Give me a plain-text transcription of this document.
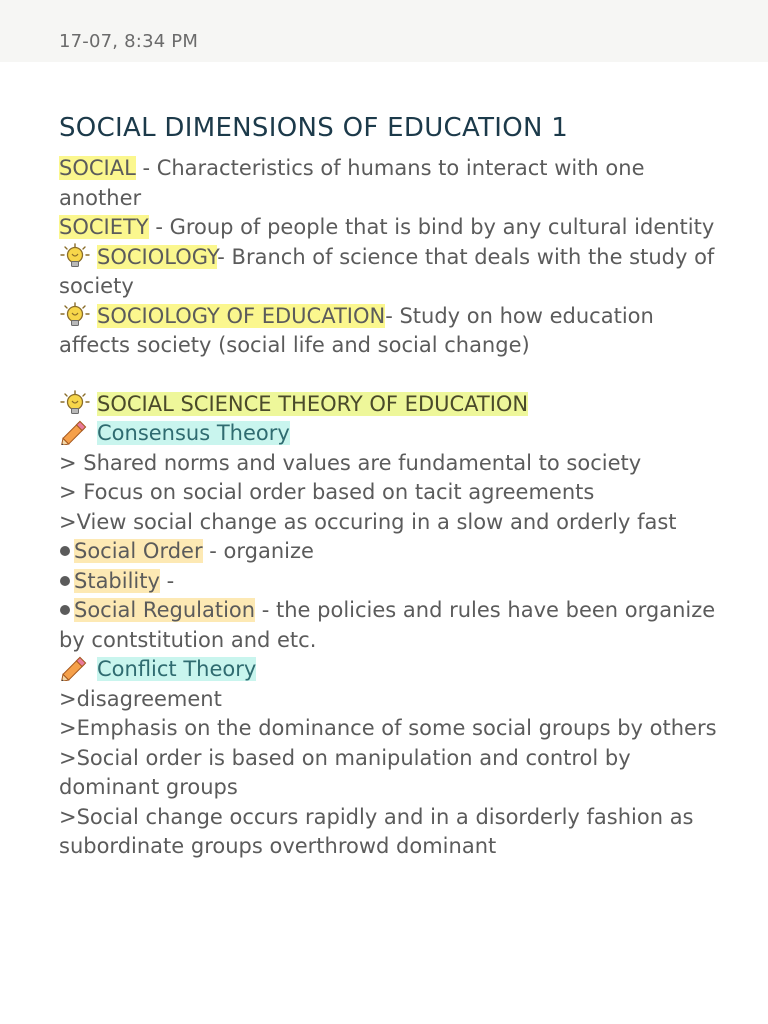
17-07, 8:34 PM
SOCIAL DIMENSIONS OF EDUCATION 1
SOCIAL - Characteristics of humans to interact with one another
SOCIETY - Group of people that is bind by any cultural identity
SOCIOLOGY- Branch of science that deals with the study of society
SOCIOLOGY OF EDUCATION- Study on how education affects society (social life and social change)
SOCIAL SCIENCE THEORY OF EDUCATION
Consensus Theory
> Shared norms and values are fundamental to society
> Focus on social order based on tacit agreements
>View social change as occuring in a slow and orderly fast
Social Order - organize
Stability -
Social Regulation - the policies and rules have been organize by contstitution and etc.
Conflict Theory
>disagreement
>Emphasis on the dominance of some social groups by others
>Social order is based on manipulation and control by dominant groups
>Social change occurs rapidly and in a disorderly fashion as subordinate groups overthrowd dominant
